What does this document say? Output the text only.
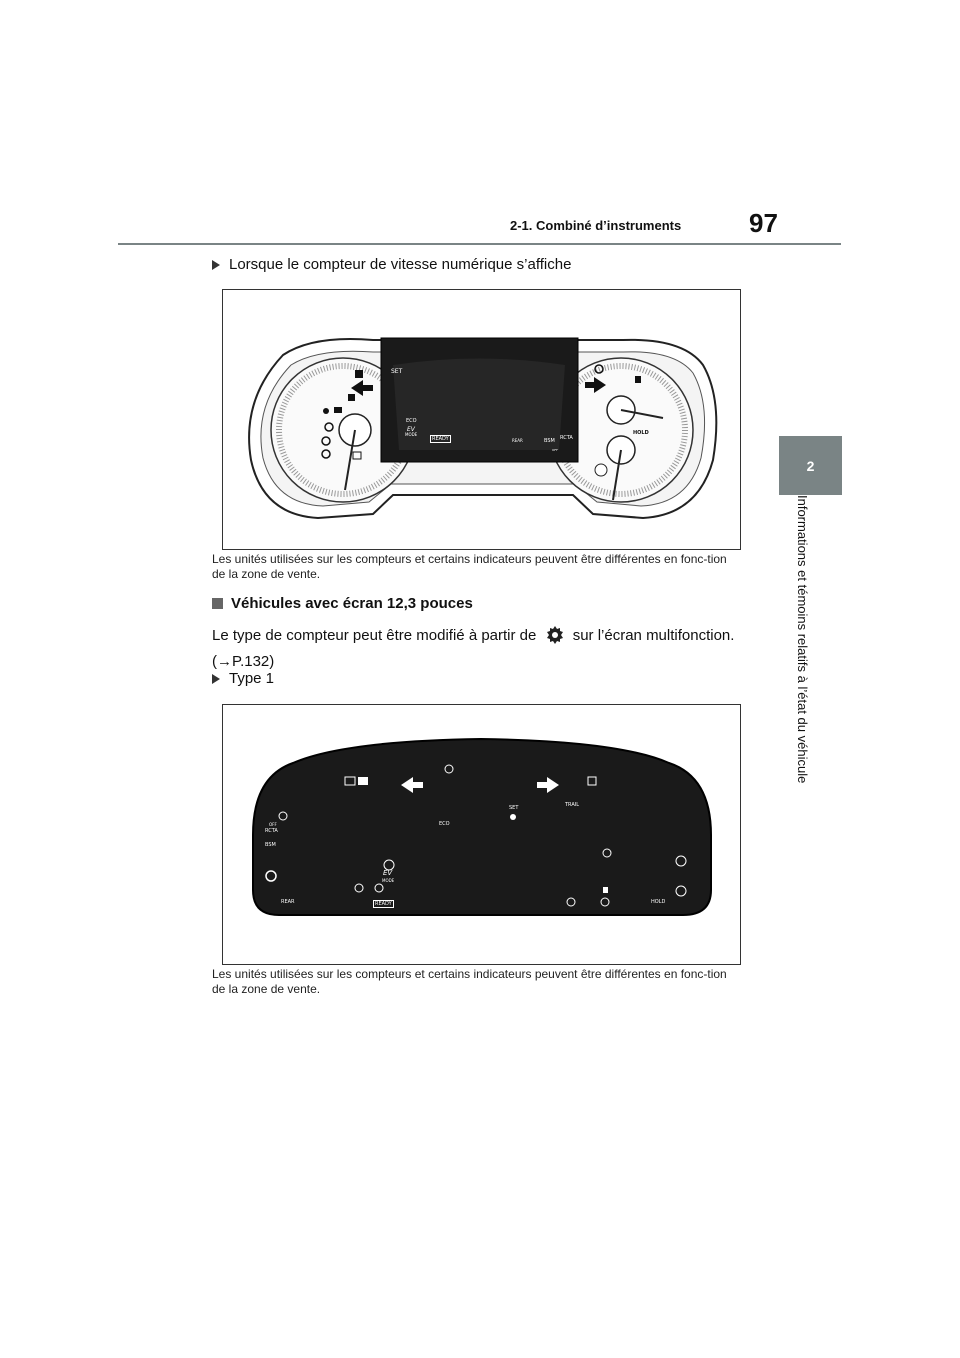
2-1. Combiné d’instruments	97
2
Informations et témoins relatifs à l’état du véhicule
Lorsque le compteur de vitesse numérique s’affiche
SET
ECO
EV
MODE
READY	REAR	BSM RCTA
OFF
HOLD
Les unités utilisées sur les compteurs et certains indicateurs peuvent être différentes en fonc-tion de la zone de vente.
Véhicules avec écran 12,3 pouces
Le type de compteur peut être modifié à partir de sur l’écran multifonction.
(→P.132)
Type 1
SET	TRAIL
ECO
OFF
RCTA
BSM
EV
MODE
REAR	READY	HOLD
Les unités utilisées sur les compteurs et certains indicateurs peuvent être différentes en fonc-tion de la zone de vente.
